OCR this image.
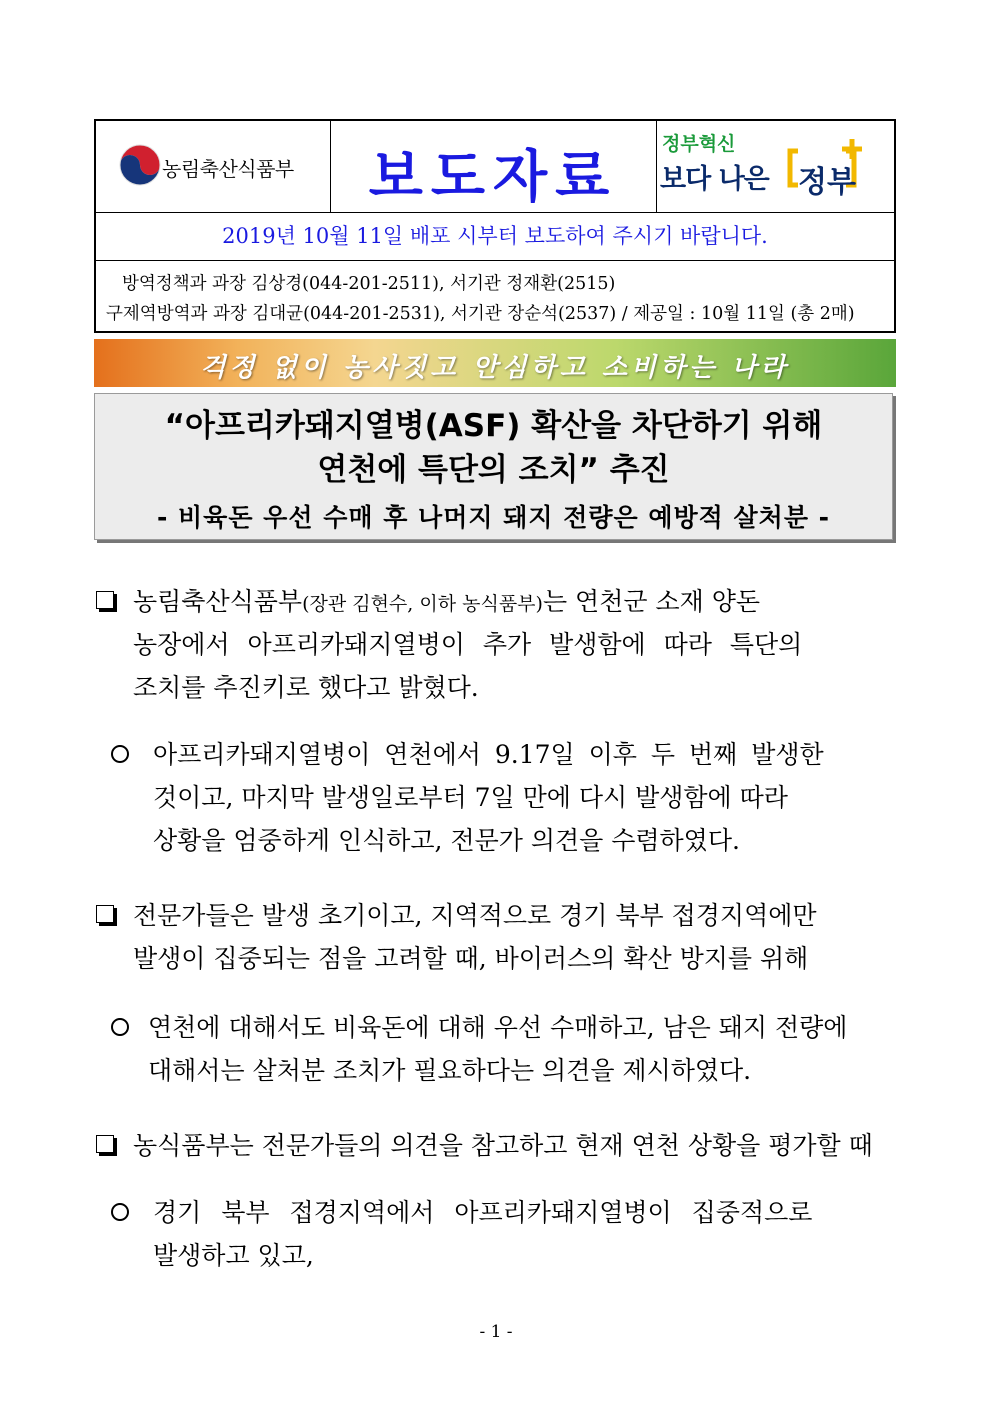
농림축산식품부	보도자료
정부혁신
보다 나은 정부
2019년 10월 11일 배포 시부터 보도하여 주시기 바랍니다.
방역정책과 과장 김상경(044-201-2511), 서기관 정재환(2515)
구제역방역과 과장 김대균(044-201-2531), 서기관 장순석(2537) / 제공일 : 10월 11일 (총 2매)
걱정 없이 농사짓고 안심하고 소비하는 나라
“아프리카돼지열병(ASF) 확산을 차단하기 위해
연천에 특단의 조치” 추진
- 비육돈 우선 수매 후 나머지 돼지 전량은 예방적 살처분 -
농림축산식품부(장관 김현수, 이하 농식품부)는 연천군 소재 양돈
농장에서 아프리카돼지열병이 추가 발생함에 따라 특단의
조치를 추진키로 했다고 밝혔다.
아프리카돼지열병이 연천에서 9.17일 이후 두 번째 발생한
것이고, 마지막 발생일로부터 7일 만에 다시 발생함에 따라
상황을 엄중하게 인식하고, 전문가 의견을 수렴하였다.
전문가들은 발생 초기이고, 지역적으로 경기 북부 접경지역에만
발생이 집중되는 점을 고려할 때, 바이러스의 확산 방지를 위해
연천에 대해서도 비육돈에 대해 우선 수매하고, 남은 돼지 전량에
대해서는 살처분 조치가 필요하다는 의견을 제시하였다.
농식품부는 전문가들의 의견을 참고하고 현재 연천 상황을 평가할 때
경기 북부 접경지역에서 아프리카돼지열병이 집중적으로
발생하고 있고,
- 1 -
